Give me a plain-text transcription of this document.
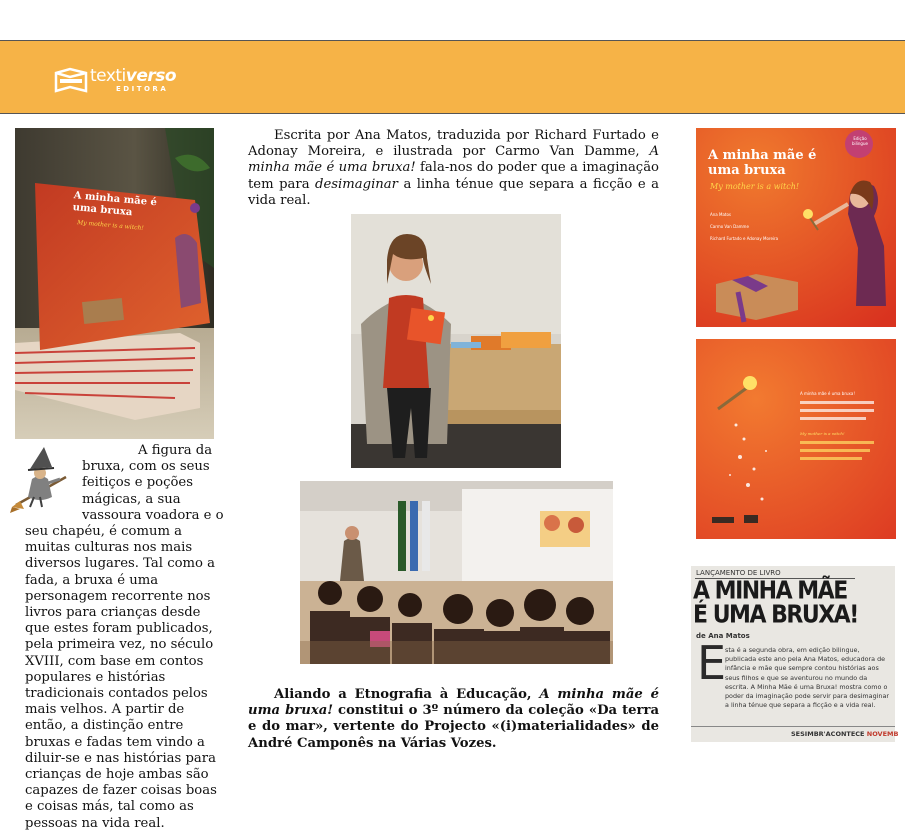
textiverso
EDITORA
A minha mãe é uma bruxa
My mother is a witch!

A figura da bruxa, com os seus feitiços e poções mágicas, a sua vassoura voadora e o seu chapéu, é comum a muitas culturas nos mais diversos lugares. Tal como a fada, a bruxa é uma personagem recorrente nos livros para crianças desde que estes foram publicados, pela primeira vez, no século XVIII, com base em contos populares e histórias tradicionais contados pelos mais velhos. A partir de então, a distinção entre bruxas e fadas tem vindo a diluir-se e nas histórias para crianças de hoje ambas são capazes de fazer coisas boas e coisas más, tal como as pessoas na vida real.

Escrita por Ana Matos, traduzida por Richard Furtado e Adonay Moreira, e ilustrada por Carmo Van Damme, A minha mãe é uma bruxa! fala-nos do poder que a imaginação tem para desimaginar a linha ténue que separa a ficção e a vida real.

Aliando a Etnografia à Educação, A minha mãe é uma bruxa! constitui o 3º número da coleção «Da terra e do mar», vertente do Projecto «(i)materialidades» de André Camponês na Várias Vozes.

Edição bilingue
A minha mãe é uma bruxa
My mother is a witch!
Ana Matos
Carmo Van Damme
Richard Furtado e Adonay Moreira
A minha mãe é uma bruxa!
My mother is a witch!
LANÇAMENTO DE LIVRO
A MINHA MÃE
É UMA BRUXA!
de Ana Matos
E
sta é a segunda obra, em edição bilingue, publicada este ano pela Ana Matos, educadora de infância e mãe que sempre contou histórias aos seus filhos e que se aventurou no mundo da escrita. A Minha Mãe é uma Bruxa! mostra como o poder da imaginação pode servir para desimaginar a linha ténue que separa a ficção e a vida real.
SESIMBR'ACONTECE NOVEMB
